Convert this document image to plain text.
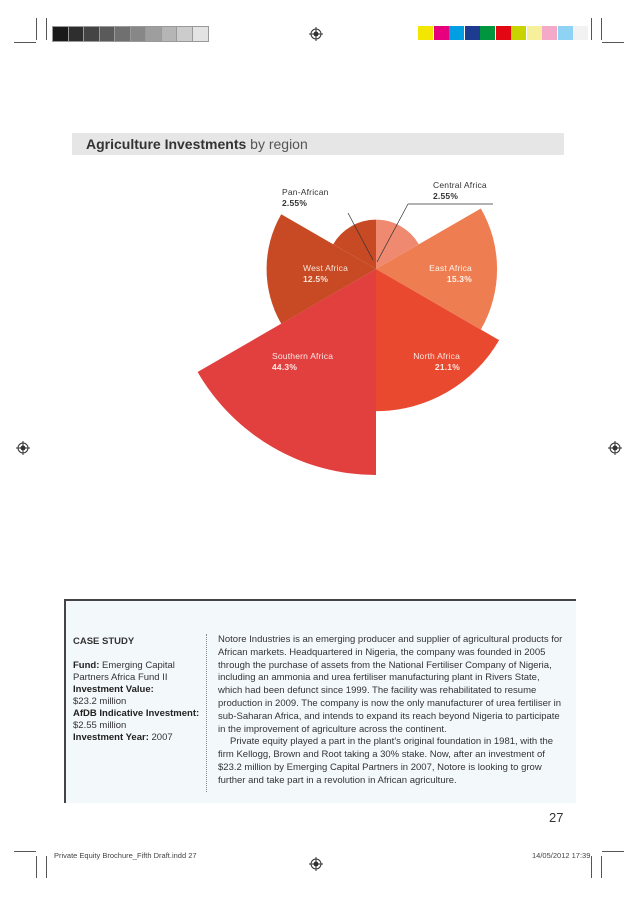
Agriculture Investments by region
Pan-African
2.55%
Central Africa
2.55%
West Africa
12.5%
East Africa
15.3%
Southern Africa
44.3%
North Africa
21.1%
CASE STUDY
Fund: Emerging Capital
Partners Africa Fund II
Investment Value:
$23.2 million
AfDB Indicative Investment:
$2.55 million
Investment Year: 2007

Notore Industries is an emerging producer and supplier of agricultural products for African markets. Headquartered in Nigeria, the company was founded in 2005 through the purchase of assets from the National Fertiliser Company of Nigeria, including an ammonia and urea fertiliser manufacturing plant in Rivers State, which had been defunct since 1999. The facility was rehabilitated to resume production in 2009. The company is now the only manufacturer of urea fertiliser in sub-Saharan Africa, and intends to expand its reach beyond Nigeria to participate in the improvement of agriculture across the continent.

Private equity played a part in the plant’s original foundation in 1981, with the firm Kellogg, Brown and Root taking a 30% stake. Now, after an investment of $23.2 million by Emerging Capital Partners in 2007, Notore is looking to grow further and take part in a revolution in African agriculture.

27
Private Equity Brochure_Fifth Draft.indd 27	14/05/2012 17:39
